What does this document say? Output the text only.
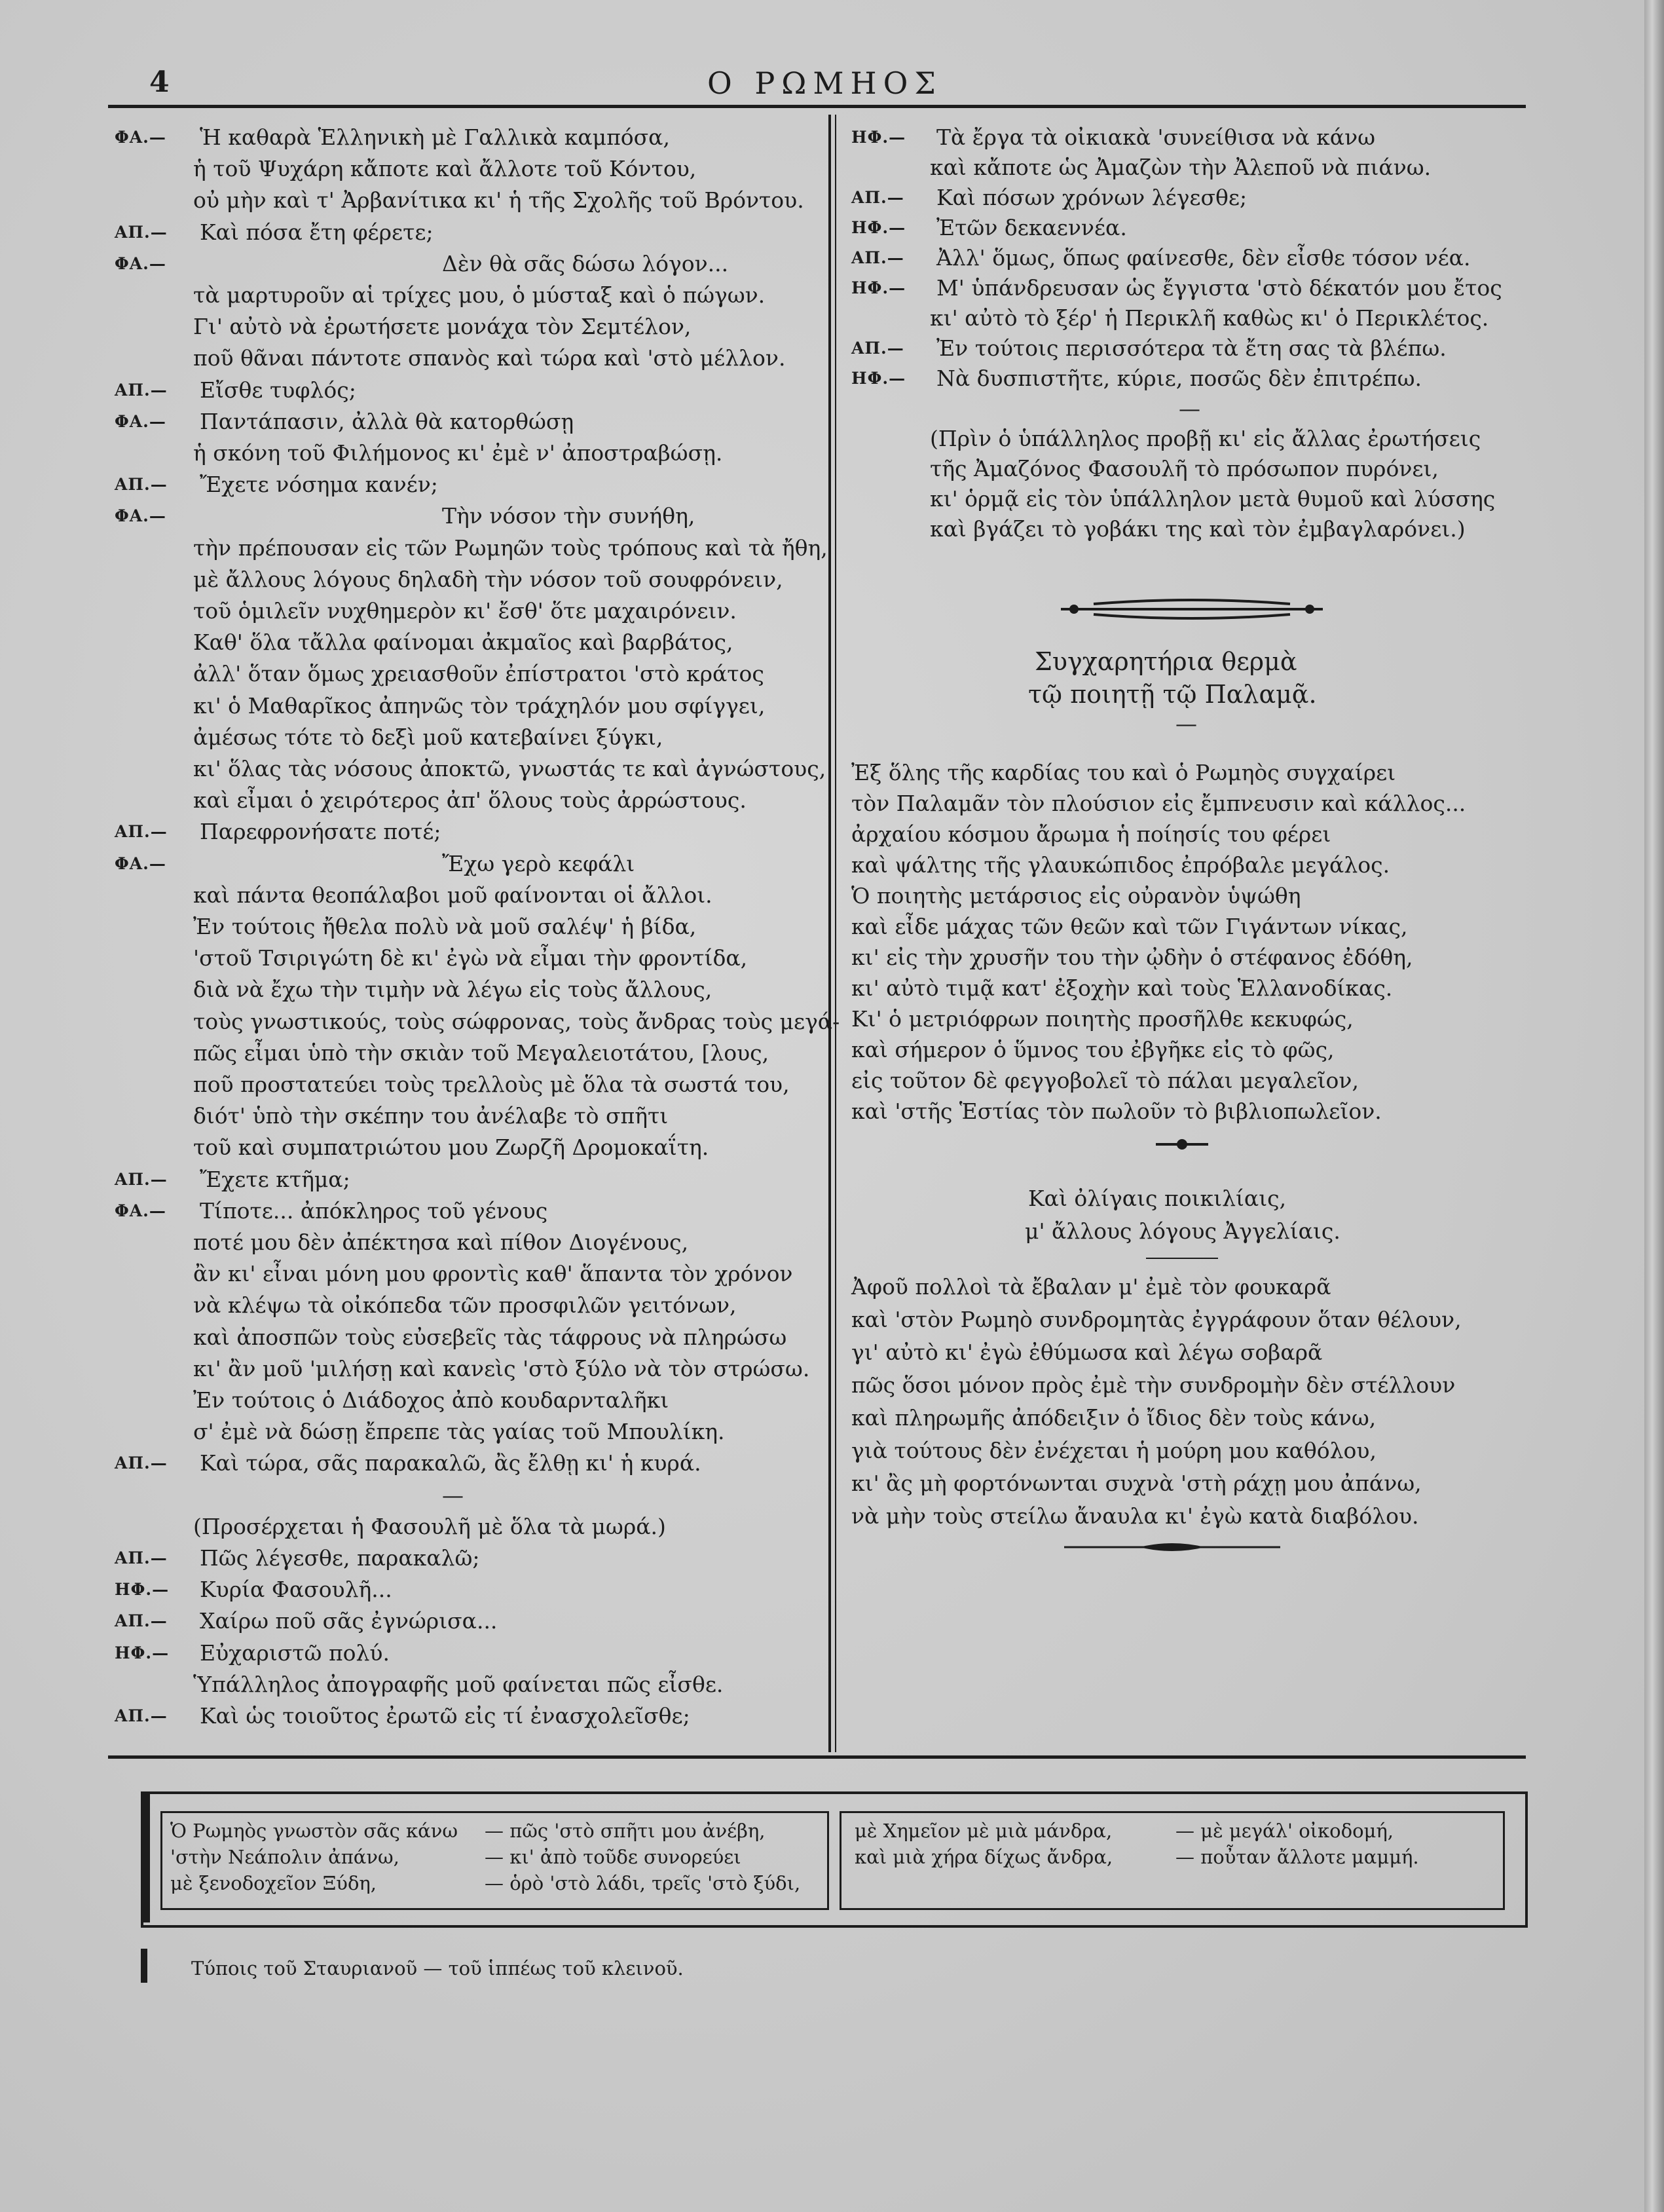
4	Ο ΡΩΜΗΟΣ
ΦΑ.— Ἡ καθαρὰ Ἑλληνικὴ μὲ Γαλλικὰ καμπόσα,
ἡ τοῦ Ψυχάρη κἄποτε καὶ ἄλλοτε τοῦ Κόντου,
οὐ μὴν καὶ τ' Ἀρβανίτικα κι' ἡ τῆς Σχολῆς τοῦ Βρόντου.
ΑΠ.— Καὶ πόσα ἔτη φέρετε;
ΦΑ.—	Δὲν θὰ σᾶς δώσω λόγον...
τὰ μαρτυροῦν αἱ τρίχες μου, ὁ μύσταξ καὶ ὁ πώγων.
Γι' αὐτὸ νὰ ἐρωτήσετε μονάχα τὸν Σεμτέλον,
ποῦ θᾶναι πάντοτε σπανὸς καὶ τώρα καὶ 'στὸ μέλλον.
ΑΠ.— Εἴσθε τυφλός;
ΦΑ.— Παντάπασιν, ἀλλὰ θὰ κατορθώσῃ
ἡ σκόνη τοῦ Φιλήμονος κι' ἐμὲ ν' ἀποστραβώσῃ.
ΑΠ.— Ἔχετε νόσημα κανέν;
ΦΑ.—	Τὴν νόσον τὴν συνήθη,
τὴν πρέπουσαν εἰς τῶν Ρωμηῶν τοὺς τρόπους καὶ τὰ ἤθη,
μὲ ἄλλους λόγους δηλαδὴ τὴν νόσον τοῦ σουφρόνειν,
τοῦ ὁμιλεῖν νυχθημερὸν κι' ἔσθ' ὅτε μαχαιρόνειν.
Καθ' ὅλα τἄλλα φαίνομαι ἀκμαῖος καὶ βαρβάτος,
ἀλλ' ὅταν ὅμως χρειασθοῦν ἐπίστρατοι 'στὸ κράτος
κι' ὁ Μαθαρῖκος ἀπηνῶς τὸν τράχηλόν μου σφίγγει,
ἀμέσως τότε τὸ δεξὶ μοῦ κατεβαίνει ξύγκι,
κι' ὅλας τὰς νόσους ἀποκτῶ, γνωστάς τε καὶ ἀγνώστους,
καὶ εἶμαι ὁ χειρότερος ἀπ' ὅλους τοὺς ἀρρώστους.
ΑΠ.— Παρεφρονήσατε ποτέ;
ΦΑ.—	Ἔχω γερὸ κεφάλι
καὶ πάντα θεοπάλαβοι μοῦ φαίνονται οἱ ἄλλοι.
Ἐν τούτοις ἤθελα πολὺ νὰ μοῦ σαλέψ' ἡ βίδα,
'στοῦ Τσιριγώτη δὲ κι' ἐγὼ νὰ εἶμαι τὴν φροντίδα,
διὰ νὰ ἔχω τὴν τιμὴν νὰ λέγω εἰς τοὺς ἄλλους,
τοὺς γνωστικούς, τοὺς σώφρονας, τοὺς ἄνδρας τοὺς μεγά-
πῶς εἶμαι ὑπὸ τὴν σκιὰν τοῦ Μεγαλειοτάτου, [λους,
ποῦ προστατεύει τοὺς τρελλοὺς μὲ ὅλα τὰ σωστά του,
διότ' ὑπὸ τὴν σκέπην του ἀνέλαβε τὸ σπῆτι
τοῦ καὶ συμπατριώτου μου Ζωρζῆ Δρομοκαΐτη.
ΑΠ.— Ἔχετε κτῆμα;
ΦΑ.— Τίποτε... ἀπόκληρος τοῦ γένους
ποτέ μου δὲν ἀπέκτησα καὶ πίθον Διογένους,
ἂν κι' εἶναι μόνη μου φροντὶς καθ' ἅπαντα τὸν χρόνον
νὰ κλέψω τὰ οἰκόπεδα τῶν προσφιλῶν γειτόνων,
καὶ ἀποσπῶν τοὺς εὐσεβεῖς τὰς τάφρους νὰ πληρώσω
κι' ἂν μοῦ 'μιλήσῃ καὶ κανεὶς 'στὸ ξύλο νὰ τὸν στρώσω.
Ἐν τούτοις ὁ Διάδοχος ἀπὸ κουδαρνταλῆκι
σ' ἐμὲ νὰ δώσῃ ἔπρεπε τὰς γαίας τοῦ Μπουλίκη.
ΑΠ.— Καὶ τώρα, σᾶς παρακαλῶ, ἂς ἔλθῃ κι' ἡ κυρά.
—
(Προσέρχεται ἡ Φασουλῆ μὲ ὅλα τὰ μωρά.)
ΑΠ.— Πῶς λέγεσθε, παρακαλῶ;
ΗΦ.— Κυρία Φασουλῆ...
ΑΠ.— Χαίρω ποῦ σᾶς ἐγνώρισα...
ΗΦ.— Εὐχαριστῶ πολύ.
Ὑπάλληλος ἀπογραφῆς μοῦ φαίνεται πῶς εἶσθε.
ΑΠ.— Καὶ ὡς τοιοῦτος ἐρωτῶ εἰς τί ἐνασχολεῖσθε;
ΗΦ.— Τὰ ἔργα τὰ οἰκιακὰ 'συνείθισα νὰ κάνω
καὶ κἄποτε ὡς Ἀμαζὼν τὴν Ἀλεποῦ νὰ πιάνω.
ΑΠ.— Καὶ πόσων χρόνων λέγεσθε;
ΗΦ.— Ἐτῶν δεκαεννέα.
ΑΠ.— Ἀλλ' ὅμως, ὅπως φαίνεσθε, δὲν εἶσθε τόσον νέα.
ΗΦ.— Μ' ὑπάνδρευσαν ὡς ἔγγιστα 'στὸ δέκατόν μου ἔτος
κι' αὐτὸ τὸ ξέρ' ἡ Περικλῆ καθὼς κι' ὁ Περικλέτος.
ΑΠ.— Ἐν τούτοις περισσότερα τὰ ἔτη σας τὰ βλέπω.
ΗΦ.— Νὰ δυσπιστῆτε, κύριε, ποσῶς δὲν ἐπιτρέπω.
—
(Πρὶν ὁ ὑπάλληλος προβῇ κι' εἰς ἄλλας ἐρωτήσεις
τῆς Ἀμαζόνος Φασουλῆ τὸ πρόσωπον πυρόνει,
κι' ὁρμᾷ εἰς τὸν ὑπάλληλον μετὰ θυμοῦ καὶ λύσσης
καὶ βγάζει τὸ γοβάκι της καὶ τὸν ἐμβαγλαρόνει.)
Συγχαρητήρια θερμὰ
τῷ ποιητῇ τῷ Παλαμᾷ.
—
Ἐξ ὅλης τῆς καρδίας του καὶ ὁ Ρωμηὸς συγχαίρει
τὸν Παλαμᾶν τὸν πλούσιον εἰς ἔμπνευσιν καὶ κάλλος...
ἀρχαίου κόσμου ἄρωμα ἡ ποίησίς του φέρει
καὶ ψάλτης τῆς γλαυκώπιδος ἐπρόβαλε μεγάλος.
Ὁ ποιητὴς μετάρσιος εἰς οὐρανὸν ὑψώθη
καὶ εἶδε μάχας τῶν θεῶν καὶ τῶν Γιγάντων νίκας,
κι' εἰς τὴν χρυσῆν του τὴν ᾠδὴν ὁ στέφανος ἐδόθη,
κι' αὐτὸ τιμᾷ κατ' ἐξοχὴν καὶ τοὺς Ἑλλανοδίκας.
Κι' ὁ μετριόφρων ποιητὴς προσῆλθε κεκυφώς,
καὶ σήμερον ὁ ὕμνος του ἐβγῆκε εἰς τὸ φῶς,
εἰς τοῦτον δὲ φεγγοβολεῖ τὸ πάλαι μεγαλεῖον,
καὶ 'στῆς Ἑστίας τὸν πωλοῦν τὸ βιβλιοπωλεῖον.
Καὶ ὀλίγαις ποικιλίαις,
μ' ἄλλους λόγους Ἀγγελίαις.
Ἀφοῦ πολλοὶ τὰ ἔβαλαν μ' ἐμὲ τὸν φουκαρᾶ
καὶ 'στὸν Ρωμηὸ συνδρομητὰς ἐγγράφουν ὅταν θέλουν,
γι' αὐτὸ κι' ἐγὼ ἐθύμωσα καὶ λέγω σοβαρᾶ
πῶς ὅσοι μόνον πρὸς ἐμὲ τὴν συνδρομὴν δὲν στέλλουν
καὶ πληρωμῆς ἀπόδειξιν ὁ ἴδιος δὲν τοὺς κάνω,
γιὰ τούτους δὲν ἐνέχεται ἡ μούρη μου καθόλου,
κι' ἂς μὴ φορτόνωνται συχνὰ 'στὴ ράχῃ μου ἀπάνω,
νὰ μὴν τοὺς στείλω ἄναυλα κι' ἐγὼ κατὰ διαβόλου.
Ὁ Ρωμηὸς γνωστὸν σᾶς κάνω
'στὴν Νεάπολιν ἀπάνω,
μὲ ξενοδοχεῖον Ξύδη,
— πῶς 'στὸ σπῆτι μου ἀνέβη,
— κι' ἀπὸ τοῦδε συνορεύει
— ὁρὸ 'στὸ λάδι, τρεῖς 'στὸ ξύδι,
μὲ Χημεῖον μὲ μιὰ μάνδρα,
καὶ μιὰ χήρα δίχως ἄνδρα,
— μὲ μεγάλ' οἰκοδομή,
— ποὖταν ἄλλοτε μαμμή.
Τύποις τοῦ Σταυριανοῦ — τοῦ ἱππέως τοῦ κλεινοῦ.
